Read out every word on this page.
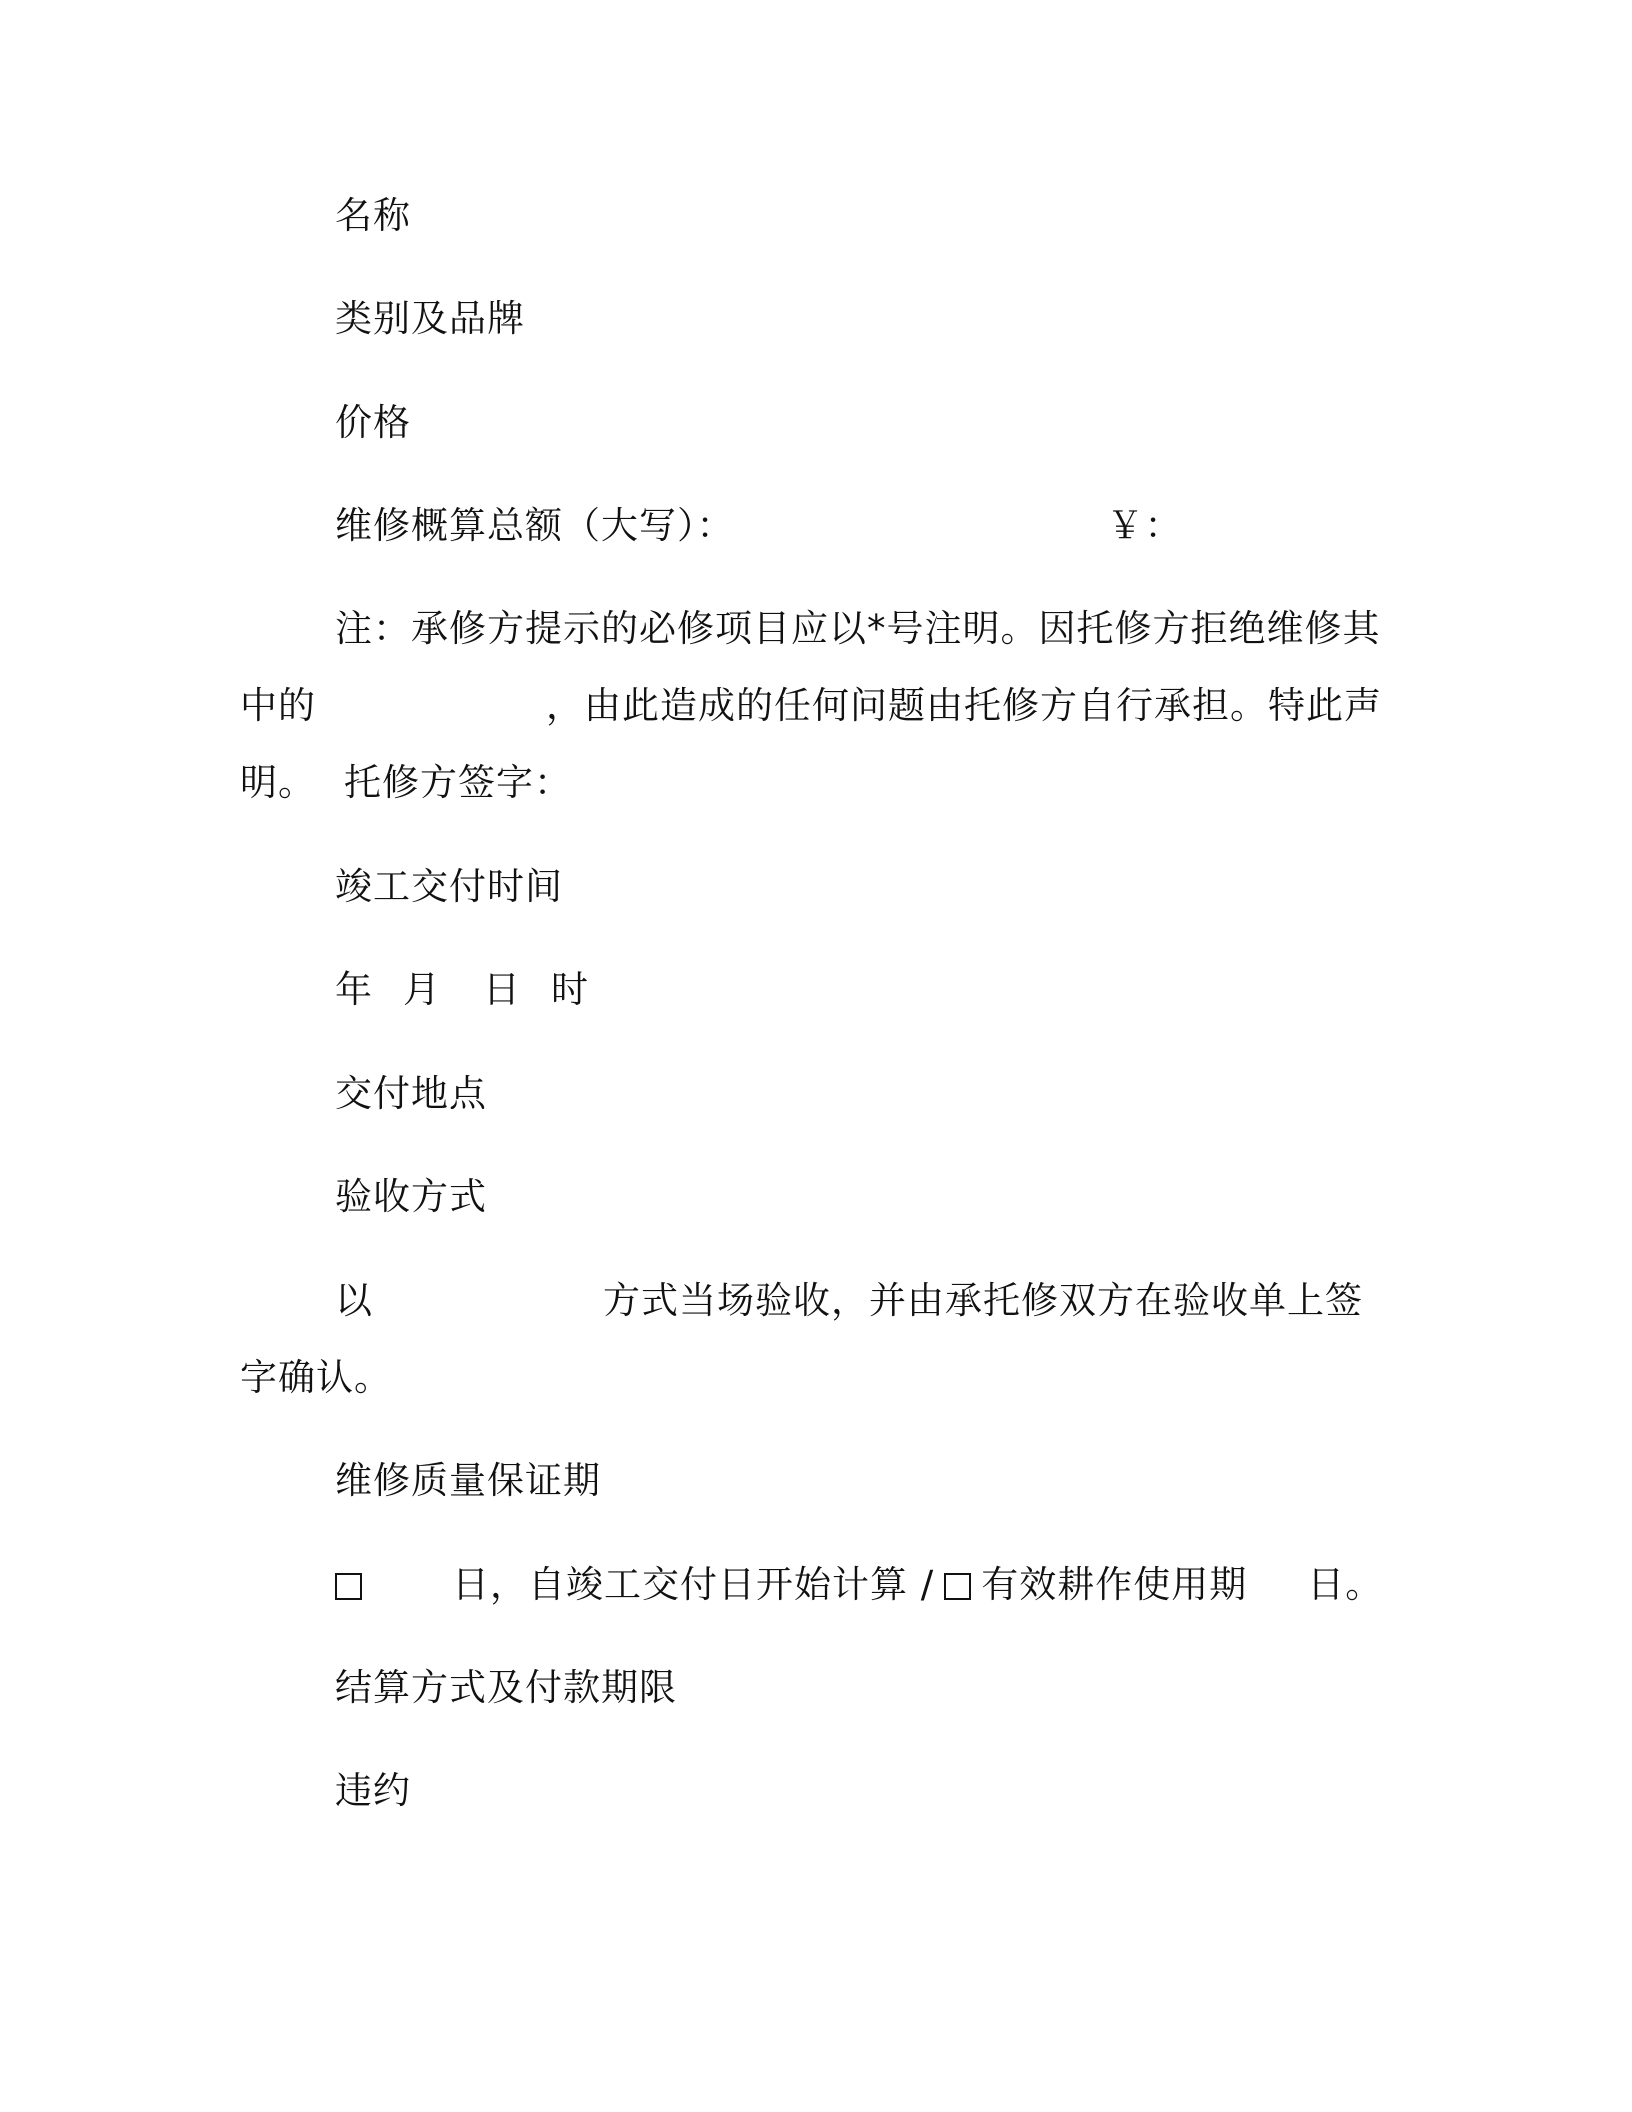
名称
类别及品牌
价格
维修概算总额（大写）：	￥：
注：承修方提示的必修项目应以*号注明。因托修方拒绝维修其
中的	，由此造成的任何问题由托修方自行承担。特此声
明。 托修方签字：
竣工交付时间
年 月 日 时
交付地点
验收方式
以	方式当场验收，并由承托修双方在验收单上签
字确认。
维修质量保证期
日，自竣工交付日开始计算 / 有效耕作使用期 日。
结算方式及付款期限
违约
